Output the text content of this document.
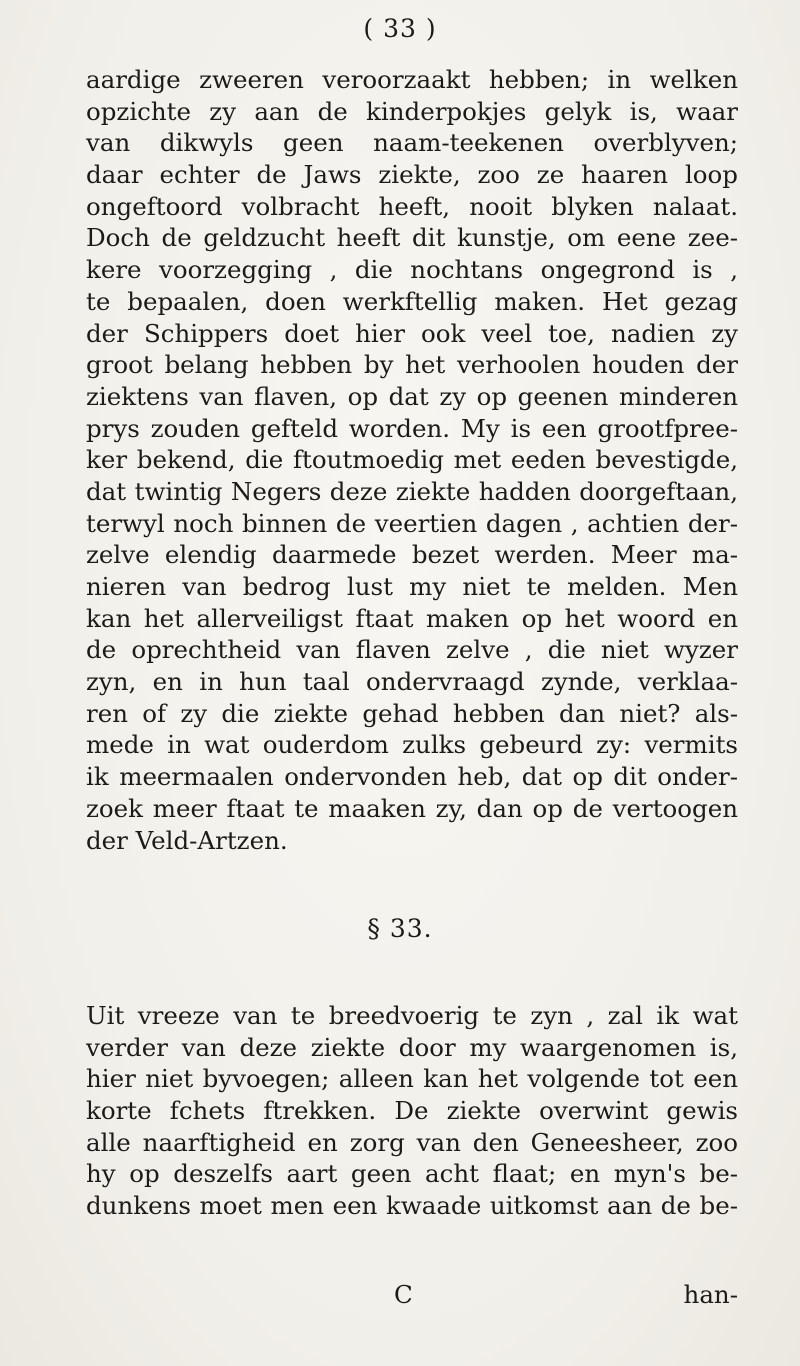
( 33 )
aardige zweeren veroorzaakt hebben; in welken
opzichte zy aan de kinderpokjes gelyk is, waar
van dikwyls geen naam-teekenen overblyven;
daar echter de Jaws ziekte, zoo ze haaren loop
ongeftoord volbracht heeft, nooit blyken nalaat.
Doch de geldzucht heeft dit kunstje, om eene zee-
kere voorzegging , die nochtans ongegrond is ,
te bepaalen, doen werkftellig maken. Het gezag
der Schippers doet hier ook veel toe, nadien zy
groot belang hebben by het verhoolen houden der
ziektens van flaven, op dat zy op geenen minderen
prys zouden gefteld worden. My is een grootfpree-
ker bekend, die ftoutmoedig met eeden bevestigde,
dat twintig Negers deze ziekte hadden doorgeftaan,
terwyl noch binnen de veertien dagen , achtien der-
zelve elendig daarmede bezet werden. Meer ma-
nieren van bedrog lust my niet te melden. Men
kan het allerveiligst ftaat maken op het woord en
de oprechtheid van flaven zelve , die niet wyzer
zyn, en in hun taal ondervraagd zynde, verklaa-
ren of zy die ziekte gehad hebben dan niet? als-
mede in wat ouderdom zulks gebeurd zy: vermits
ik meermaalen ondervonden heb, dat op dit onder-
zoek meer ftaat te maaken zy, dan op de vertoogen
der Veld-Artzen.
§ 33.
Uit vreeze van te breedvoerig te zyn , zal ik wat
verder van deze ziekte door my waargenomen is,
hier niet byvoegen; alleen kan het volgende tot een
korte fchets ftrekken. De ziekte overwint gewis
alle naarftigheid en zorg van den Geneesheer, zoo
hy op deszelfs aart geen acht flaat; en myn's be-
dunkens moet men een kwaade uitkomst aan de be-
C	han-
